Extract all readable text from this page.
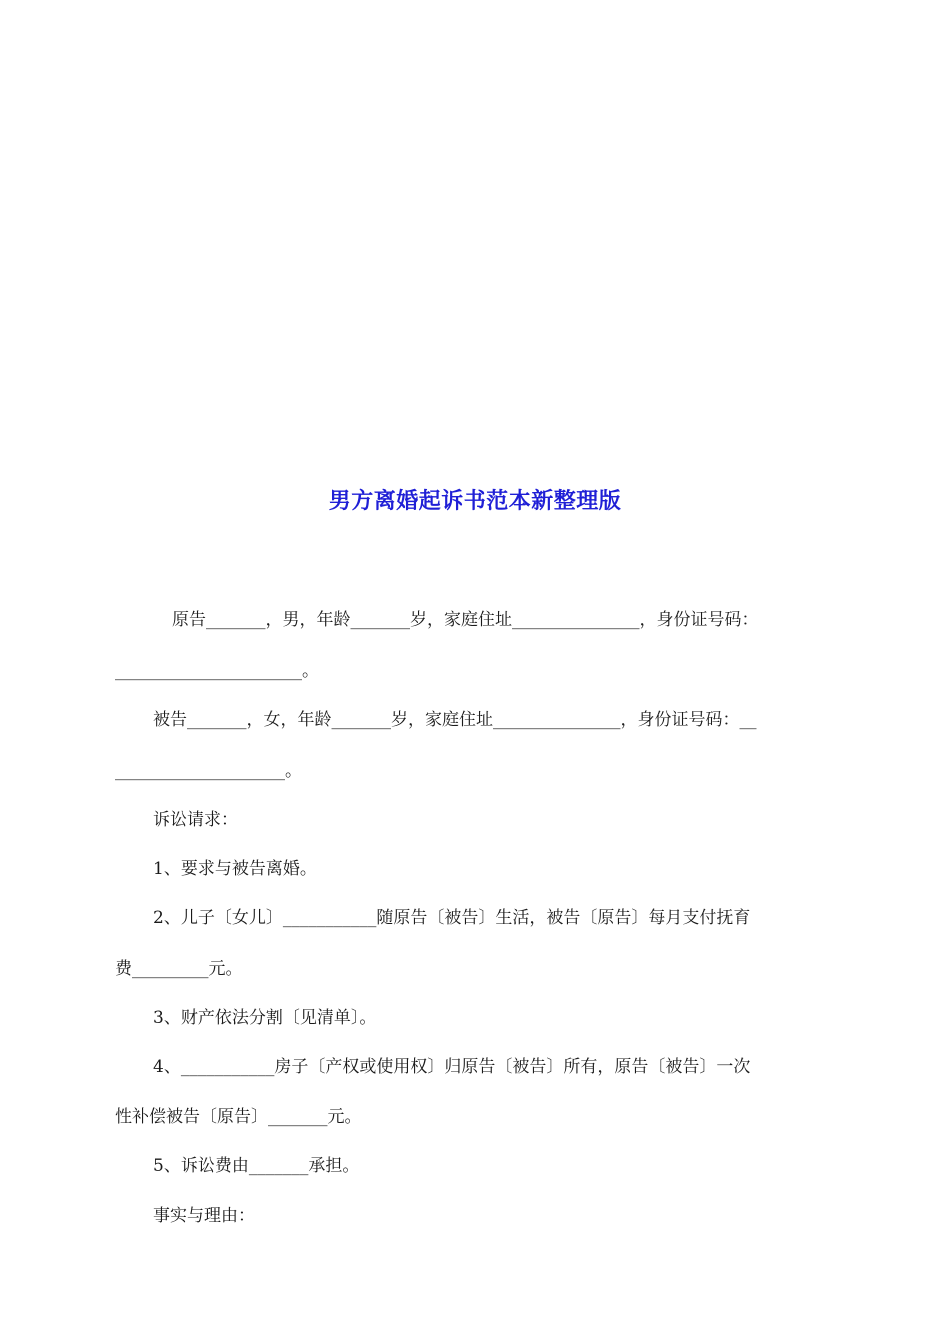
男方离婚起诉书范本新整理版
原告_______，男，年龄_______岁，家庭住址_______________，身份证号码：
______________________。
被告_______，女，年龄_______岁，家庭住址_______________，身份证号码：__
____________________。
诉讼请求：
1、要求与被告离婚。
2、儿子〔女儿〕___________随原告〔被告〕生活，被告〔原告〕每月支付抚育
费_________元。
3、财产依法分割〔见清单〕。
4、___________房子〔产权或使用权〕归原告〔被告〕所有，原告〔被告〕一次
性补偿被告〔原告〕_______元。
5、诉讼费由_______承担。
事实与理由：
